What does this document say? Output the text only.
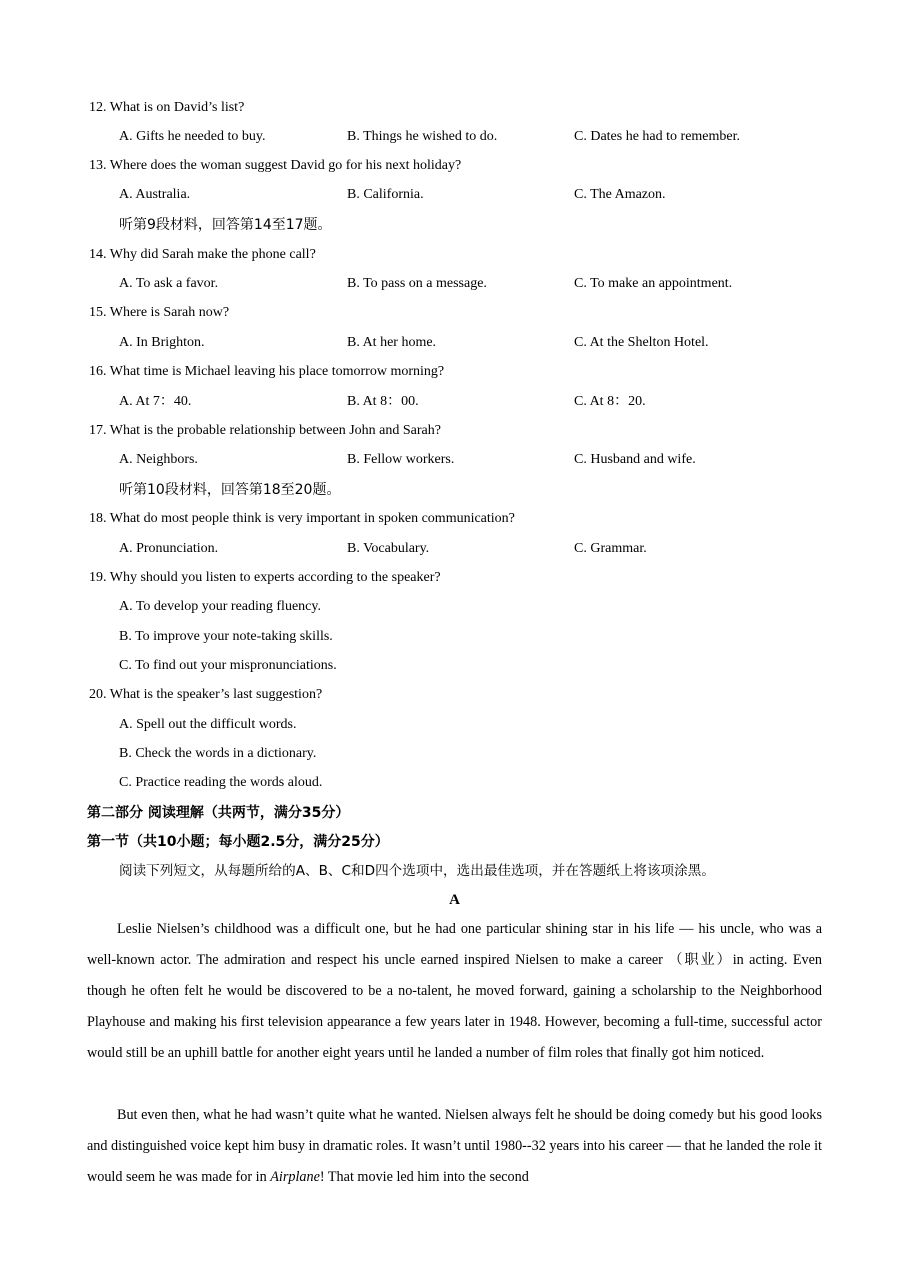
12. What is on David’s list?
A. Gifts he needed to buy.	B. Things he wished to do.	C. Dates he had to remember.
13. Where does the woman suggest David go for his next holiday?
A. Australia.	B. California.	C. The Amazon.
听第9段材料，回答第14至17题。
14. Why did Sarah make the phone call?
A. To ask a favor.	B. To pass on a message.	C. To make an appointment.
15. Where is Sarah now?
A. In Brighton.	B. At her home.	C. At the Shelton Hotel.
16. What time is Michael leaving his place tomorrow morning?
A. At 7：40.	B. At 8：00.	C. At 8：20.
17. What is the probable relationship between John and Sarah?
A. Neighbors.	B. Fellow workers.	C. Husband and wife.
听第10段材料，回答第18至20题。
18. What do most people think is very important in spoken communication?
A. Pronunciation.	B. Vocabulary.	C. Grammar.
19. Why should you listen to experts according to the speaker?
A. To develop your reading fluency.
B. To improve your note-taking skills.
C. To find out your mispronunciations.
20. What is the speaker’s last suggestion?
A. Spell out the difficult words.
B. Check the words in a dictionary.
C. Practice reading the words aloud.
第二部分 阅读理解（共两节，满分35分）
第一节（共10小题；每小题2.5分，满分25分）
阅读下列短文，从每题所给的A、B、C和D四个选项中，选出最佳选项，并在答题纸上将该项涂黑。
A
Leslie Nielsen’s childhood was a difficult one, but he had one particular shining star in his life — his uncle, who was a well-known actor. The admiration and respect his uncle earned inspired Nielsen to make a career （职业）in acting. Even though he often felt he would be discovered to be a no-talent, he moved forward, gaining a scholarship to the Neighborhood Playhouse and making his first television appearance a few years later in 1948. However, becoming a full-time, successful actor would still be an uphill battle for another eight years until he landed a number of film roles that finally got him noticed.
But even then, what he had wasn’t quite what he wanted. Nielsen always felt he should be doing comedy but his good looks and distinguished voice kept him busy in dramatic roles. It wasn’t until 1980--32 years into his career — that he landed the role it would seem he was made for in Airplane! That movie led him into the second
